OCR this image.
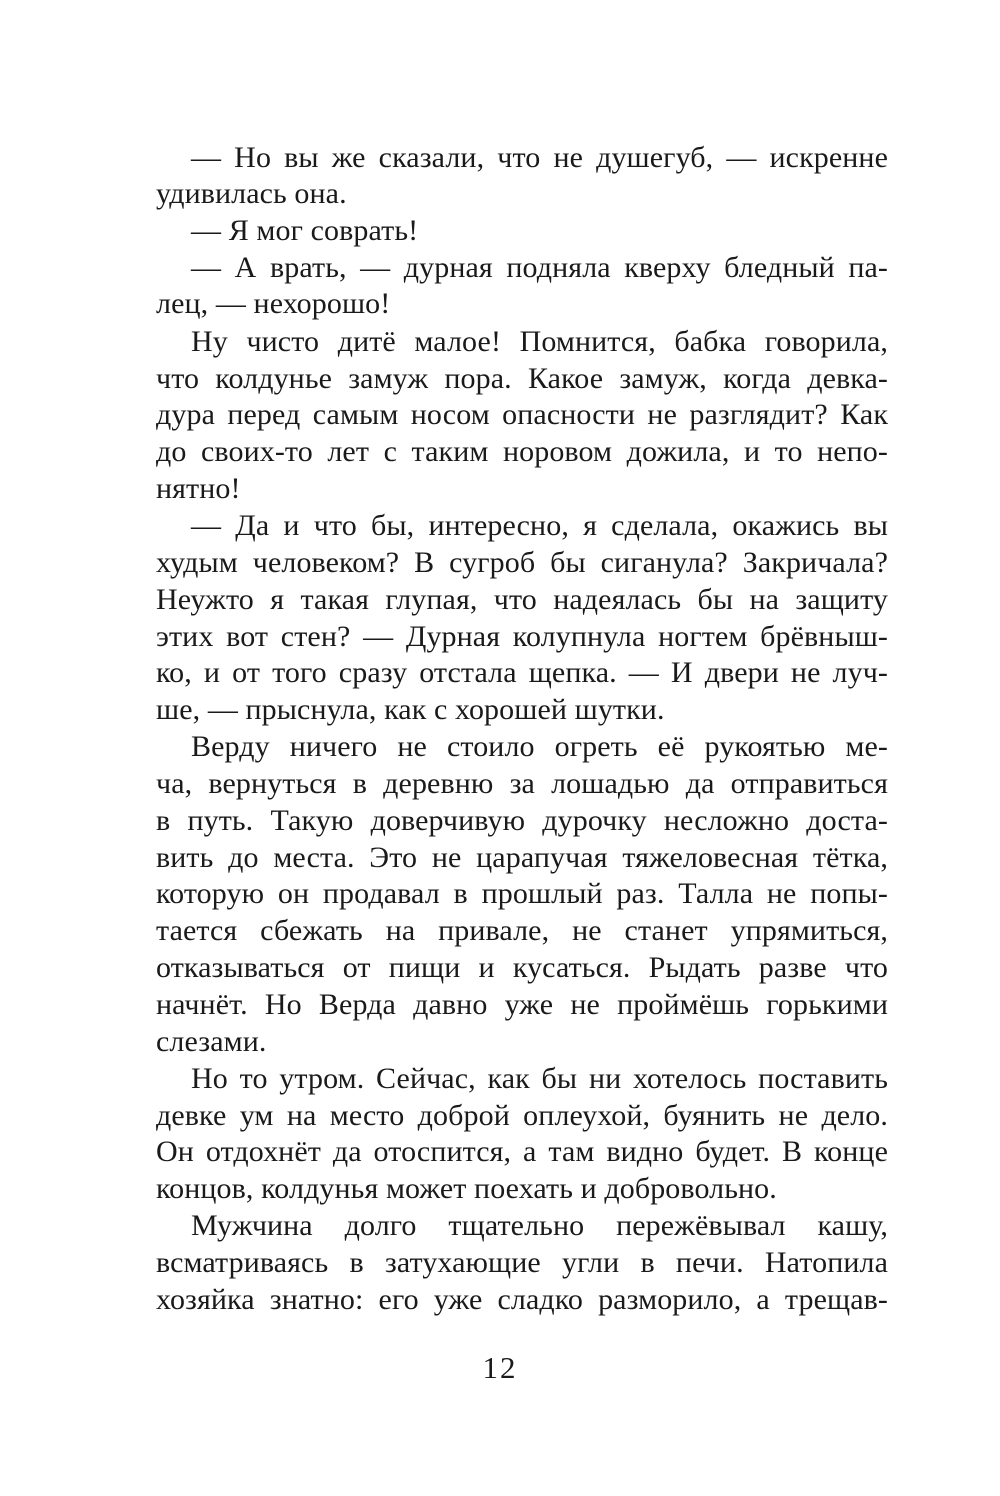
— Но вы же сказали, что не душегуб, — искренне
удивилась она.
— Я мог соврать!
— А врать, — дурная подняла кверху бледный па-
лец, — нехорошо!
Ну чисто дитё малое! Помнится, бабка говорила,
что колдунье замуж пора. Какое замуж, когда девка-
дура перед самым носом опасности не разглядит? Как
до своих-то лет с таким норовом дожила, и то непо-
нятно!
— Да и что бы, интересно, я сделала, окажись вы
худым человеком? В сугроб бы сиганула? Закричала?
Неужто я такая глупая, что надеялась бы на защиту
этих вот стен? — Дурная колупнула ногтем брёвныш-
ко, и от того сразу отстала щепка. — И двери не луч-
ше, — прыснула, как с хорошей шутки.
Верду ничего не стоило огреть её рукоятью ме-
ча, вернуться в деревню за лошадью да отправиться
в путь. Такую доверчивую дурочку несложно доста-
вить до места. Это не царапучая тяжеловесная тётка,
которую он продавал в прошлый раз. Талла не попы-
тается сбежать на привале, не станет упрямиться,
отказываться от пищи и кусаться. Рыдать разве что
начнёт. Но Верда давно уже не проймёшь горькими
слезами.
Но то утром. Сейчас, как бы ни хотелось поставить
девке ум на место доброй оплеухой, буянить не дело.
Он отдохнёт да отоспится, а там видно будет. В конце
концов, колдунья может поехать и добровольно.
Мужчина долго тщательно пережёвывал кашу,
всматриваясь в затухающие угли в печи. Натопила
хозяйка знатно: его уже сладко разморило, а трещав-
12
